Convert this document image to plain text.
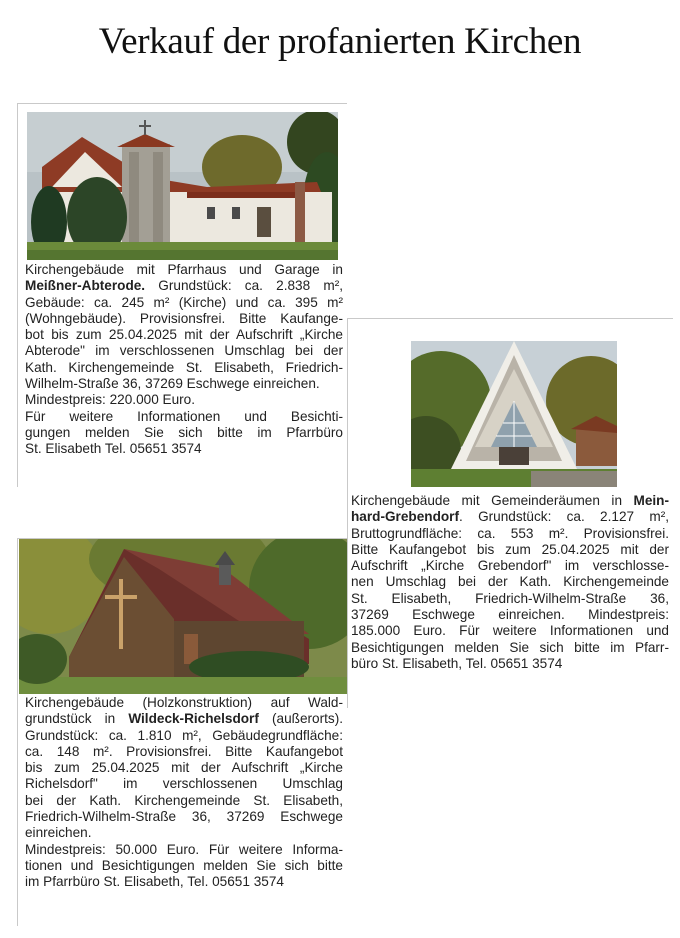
Verkauf der profanierten Kirchen
Kirchengebäude mit Pfarrhaus und Garage in
Meißner-Abterode. Grundstück: ca. 2.838 m²,
Gebäude: ca. 245 m² (Kirche) und ca. 395 m²
(Wohngebäude). Provisionsfrei. Bitte Kaufange-
bot bis zum 25.04.2025 mit der Aufschrift „Kirche
Abterode" im verschlossenen Umschlag bei der
Kath. Kirchengemeinde St. Elisabeth, Friedrich-
Wilhelm-Straße 36, 37269 Eschwege einreichen.
Mindestpreis: 220.000 Euro.
Für weitere Informationen und Besichti-
gungen melden Sie sich bitte im Pfarrbüro
St. Elisabeth Tel. 05651 3574
Kirchengebäude mit Gemeinderäumen in Mein-
hard-Grebendorf. Grundstück: ca. 2.127 m²,
Bruttogrundfläche: ca. 553 m². Provisionsfrei.
Bitte Kaufangebot bis zum 25.04.2025 mit der
Aufschrift „Kirche Grebendorf" im verschlosse-
nen Umschlag bei der Kath. Kirchengemeinde
St. Elisabeth, Friedrich-Wilhelm-Straße 36,
37269 Eschwege einreichen. Mindestpreis:
185.000 Euro. Für weitere Informationen und
Besichtigungen melden Sie sich bitte im Pfarr-
büro St. Elisabeth, Tel. 05651 3574
Kirchengebäude (Holzkonstruktion) auf Wald-
grundstück in Wildeck-Richelsdorf (außerorts).
Grundstück: ca. 1.810 m², Gebäudegrundfläche:
ca. 148 m². Provisionsfrei. Bitte Kaufangebot
bis zum 25.04.2025 mit der Aufschrift „Kirche
Richelsdorf" im verschlossenen Umschlag
bei der Kath. Kirchengemeinde St. Elisabeth,
Friedrich-Wilhelm-Straße 36, 37269 Eschwege
einreichen.
Mindestpreis: 50.000 Euro. Für weitere Informa-
tionen und Besichtigungen melden Sie sich bitte
im Pfarrbüro St. Elisabeth, Tel. 05651 3574
